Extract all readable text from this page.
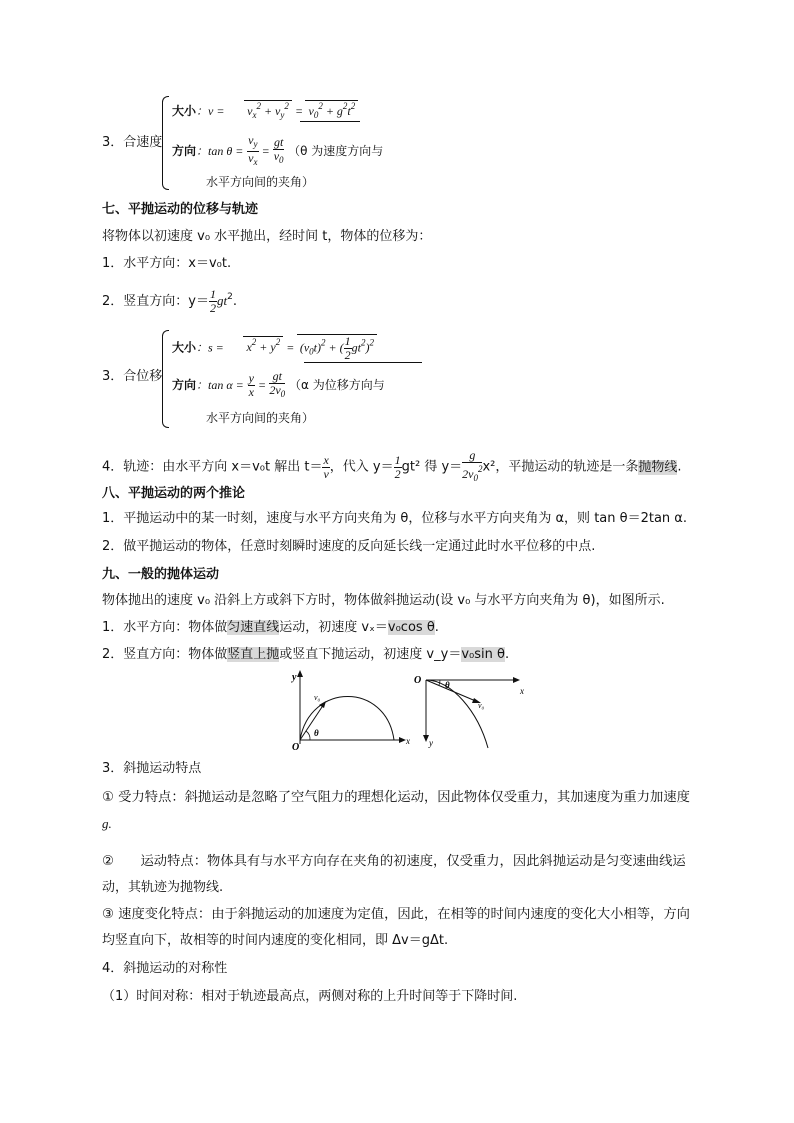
3．合速度
大小：$v = v_x^2 + v_y^2 = v_0^2 + g^2t^2$
方向：$\tan \theta = \frac{v_y}{v_x} = \frac{gt}{v_0} (\theta$ 为速度方向与
水平方向间的夹角）
七、平抛运动的位移与轨迹
将物体以初速度 v₀ 水平抛出，经时间 t，物体的位移为：
1．水平方向：x＝v₀t.
2．竖直方向：$y= \frac{1}{2} gt^2$.
3．合位移
大小：$s = x^2 + y^2 = (v_0t)^2$ + ( $\frac{1}{2} gt^2)^2$
方向：$\tan \alpha = \frac{y}{x} = \frac{gt}{2v_0} (\alpha$ 为位移方向与
水平方向间的夹角）
4．轨迹：由水平方向 x＝v₀t 解出 $t= \frac{x}{v}$ ，代入 $y= \frac{1}{2} gt^2$ 得 $y= \frac{g}{2v_0^2} x^2$，平抛运动的轨迹是一条抛物线.
八、平抛运动的两个推论
1．平抛运动中的某一时刻，速度与水平方向夹角为 θ，位移与水平方向夹角为 α，则 tan θ＝2tan α.
2．做平抛运动的物体，任意时刻瞬时速度的反向延长线一定通过此时水平位移的中点.
九、一般的抛体运动
物体抛出的速度 v₀ 沿斜上方或斜下方时，物体做斜抛运动(设 v₀ 与水平方向夹角为 θ)，如图所示.
1．水平方向：物体做匀速直线运动，初速度 vₓ＝v₀cos θ.
2．竖直方向：物体做竖直上抛或竖直下抛运动，初速度 v_y＝v₀sin θ.
y
x
O
v₀
θ
O
x
y
v₀
θ
3．斜抛运动特点
① 受力特点：斜抛运动是忽略了空气阻力的理想化运动，因此物体仅受重力，其加速度为重力加速度
g.
②　　运动特点：物体具有与水平方向存在夹角的初速度，仅受重力，因此斜抛运动是匀变速曲线运
动，其轨迹为抛物线.
③ 速度变化特点：由于斜抛运动的加速度为定值，因此，在相等的时间内速度的变化大小相等，方向
均竖直向下，故相等的时间内速度的变化相同，即 Δv＝gΔt.
4．斜抛运动的对称性
（1）时间对称：相对于轨迹最高点，两侧对称的上升时间等于下降时间.
